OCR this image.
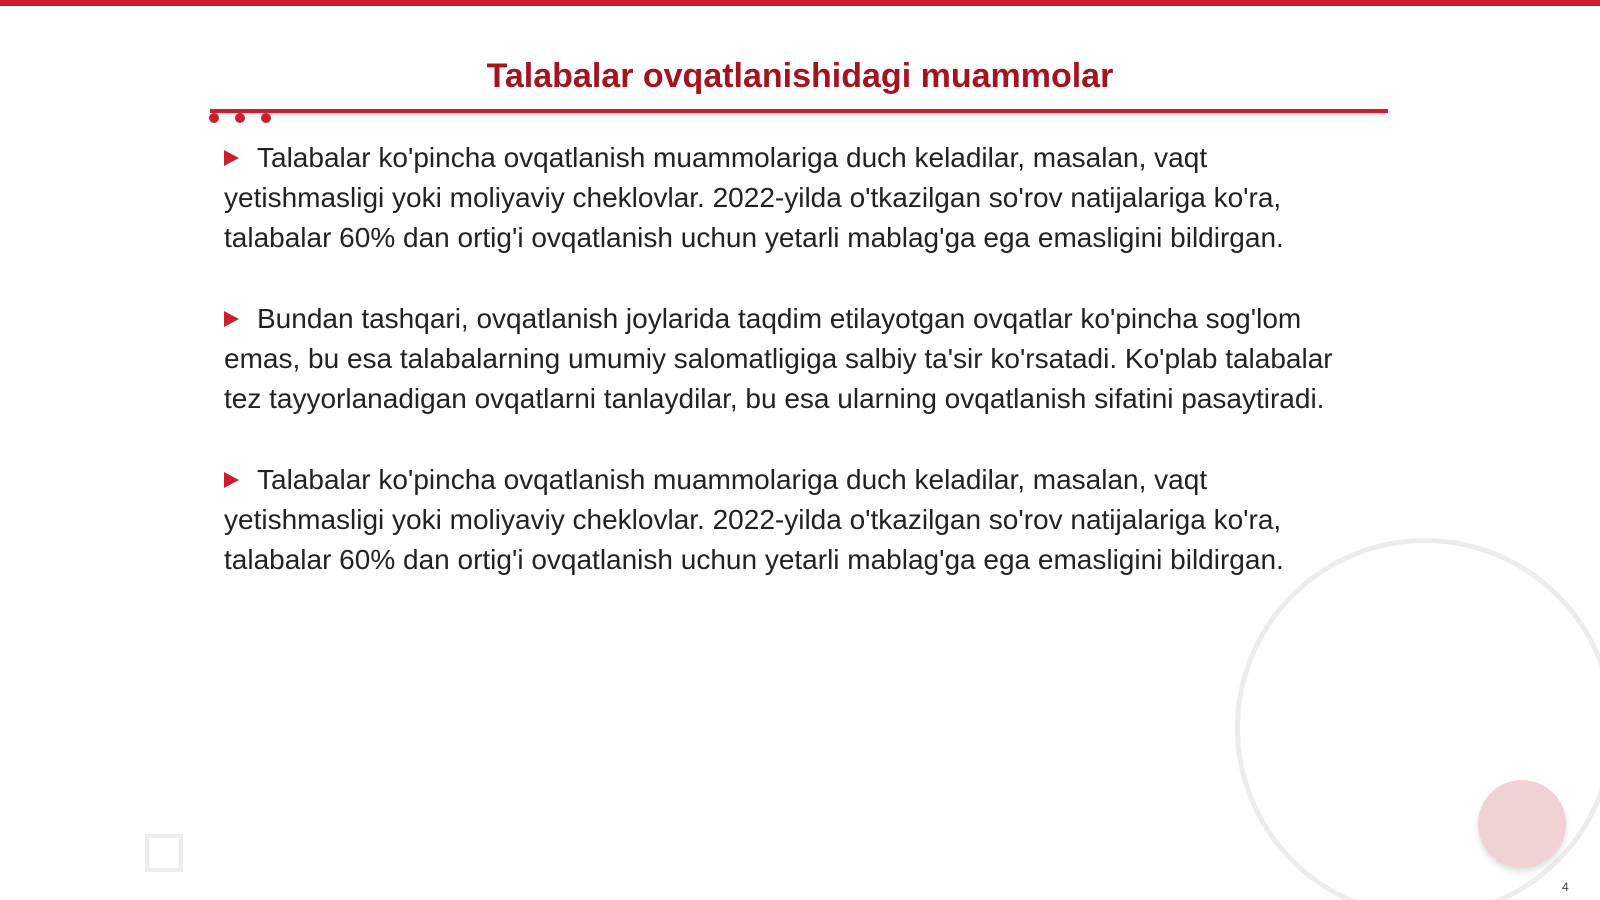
Talabalar ovqatlanishidagi muammolar
Talabalar ko'pincha ovqatlanish muammolariga duch keladilar, masalan, vaqt yetishmasligi yoki moliyaviy cheklovlar. 2022-yilda o'tkazilgan so'rov natijalariga ko'ra, talabalar 60% dan ortig'i ovqatlanish uchun yetarli mablag'ga ega emasligini bildirgan.
Bundan tashqari, ovqatlanish joylarida taqdim etilayotgan ovqatlar ko'pincha sog'lom emas, bu esa talabalarning umumiy salomatligiga salbiy ta'sir ko'rsatadi. Ko'plab talabalar tez tayyorlanadigan ovqatlarni tanlaydilar, bu esa ularning ovqatlanish sifatini pasaytiradi.
Talabalar ko'pincha ovqatlanish muammolariga duch keladilar, masalan, vaqt yetishmasligi yoki moliyaviy cheklovlar. 2022-yilda o'tkazilgan so'rov natijalariga ko'ra, talabalar 60% dan ortig'i ovqatlanish uchun yetarli mablag'ga ega emasligini bildirgan.
4
